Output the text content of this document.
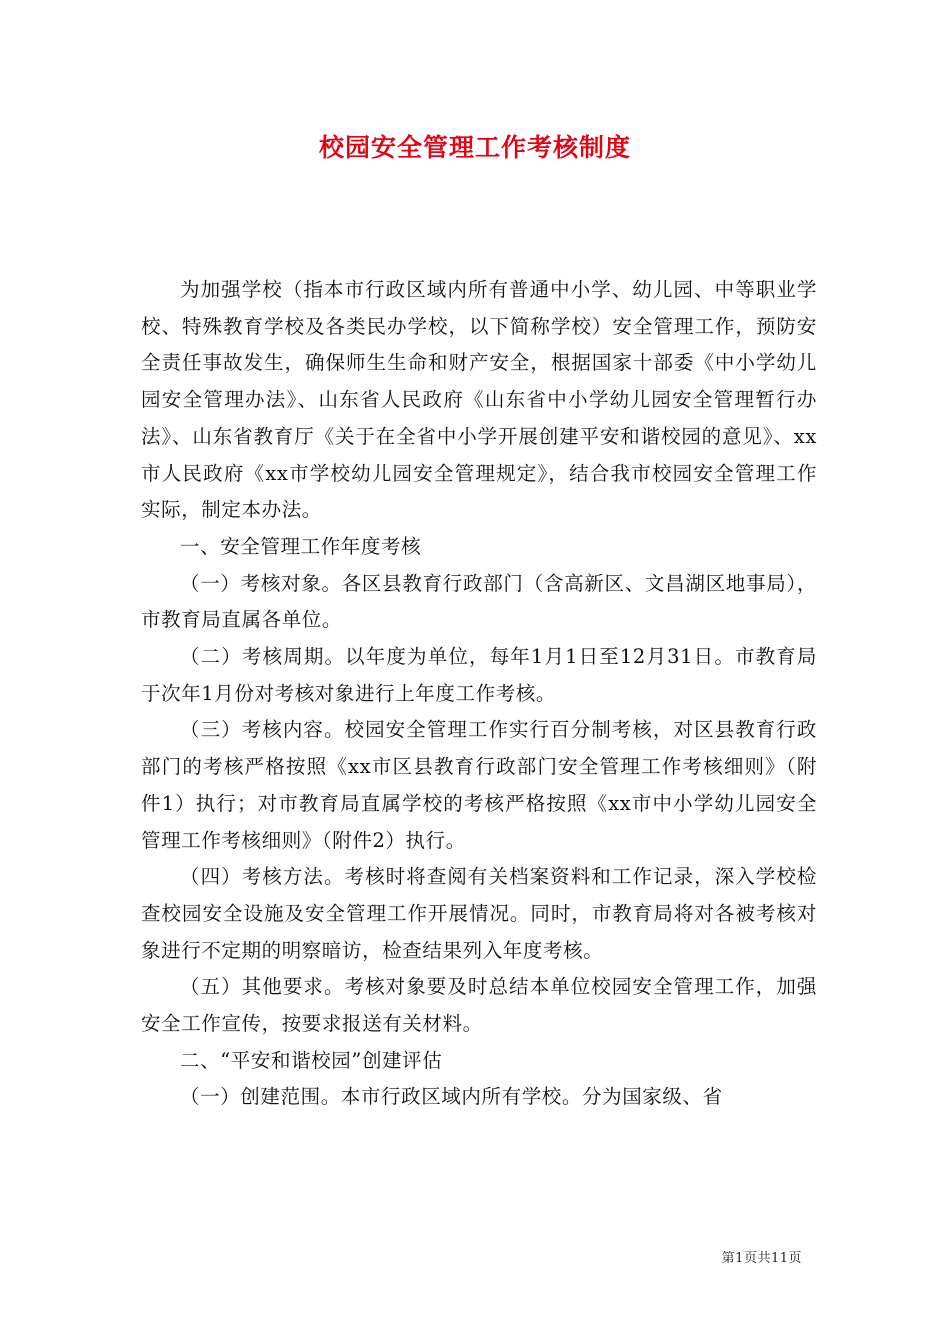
校园安全管理工作考核制度

为加强学校（指本市行政区域内所有普通中小学、幼儿园、中等职业学校、特殊教育学校及各类民办学校，以下简称学校）安全管理工作，预防安全责任事故发生，确保师生生命和财产安全，根据国家十部委《中小学幼儿园安全管理办法》、山东省人民政府《山东省中小学幼儿园安全管理暂行办法》、山东省教育厅《关于在全省中小学开展创建平安和谐校园的意见》、xx市人民政府《xx市学校幼儿园安全管理规定》，结合我市校园安全管理工作实际，制定本办法。

一、安全管理工作年度考核

（一）考核对象。各区县教育行政部门（含高新区、文昌湖区地事局），市教育局直属各单位。

（二）考核周期。以年度为单位，每年1月1日至12月31日。市教育局于次年1月份对考核对象进行上年度工作考核。

（三）考核内容。校园安全管理工作实行百分制考核，对区县教育行政部门的考核严格按照《xx市区县教育行政部门安全管理工作考核细则》（附件1）执行；对市教育局直属学校的考核严格按照《xx市中小学幼儿园安全管理工作考核细则》（附件2）执行。

（四）考核方法。考核时将查阅有关档案资料和工作记录，深入学校检查校园安全设施及安全管理工作开展情况。同时，市教育局将对各被考核对象进行不定期的明察暗访，检查结果列入年度考核。

（五）其他要求。考核对象要及时总结本单位校园安全管理工作，加强安全工作宣传，按要求报送有关材料。

二、“平安和谐校园”创建评估

（一）创建范围。本市行政区域内所有学校。分为国家级、省

第1页共11页
